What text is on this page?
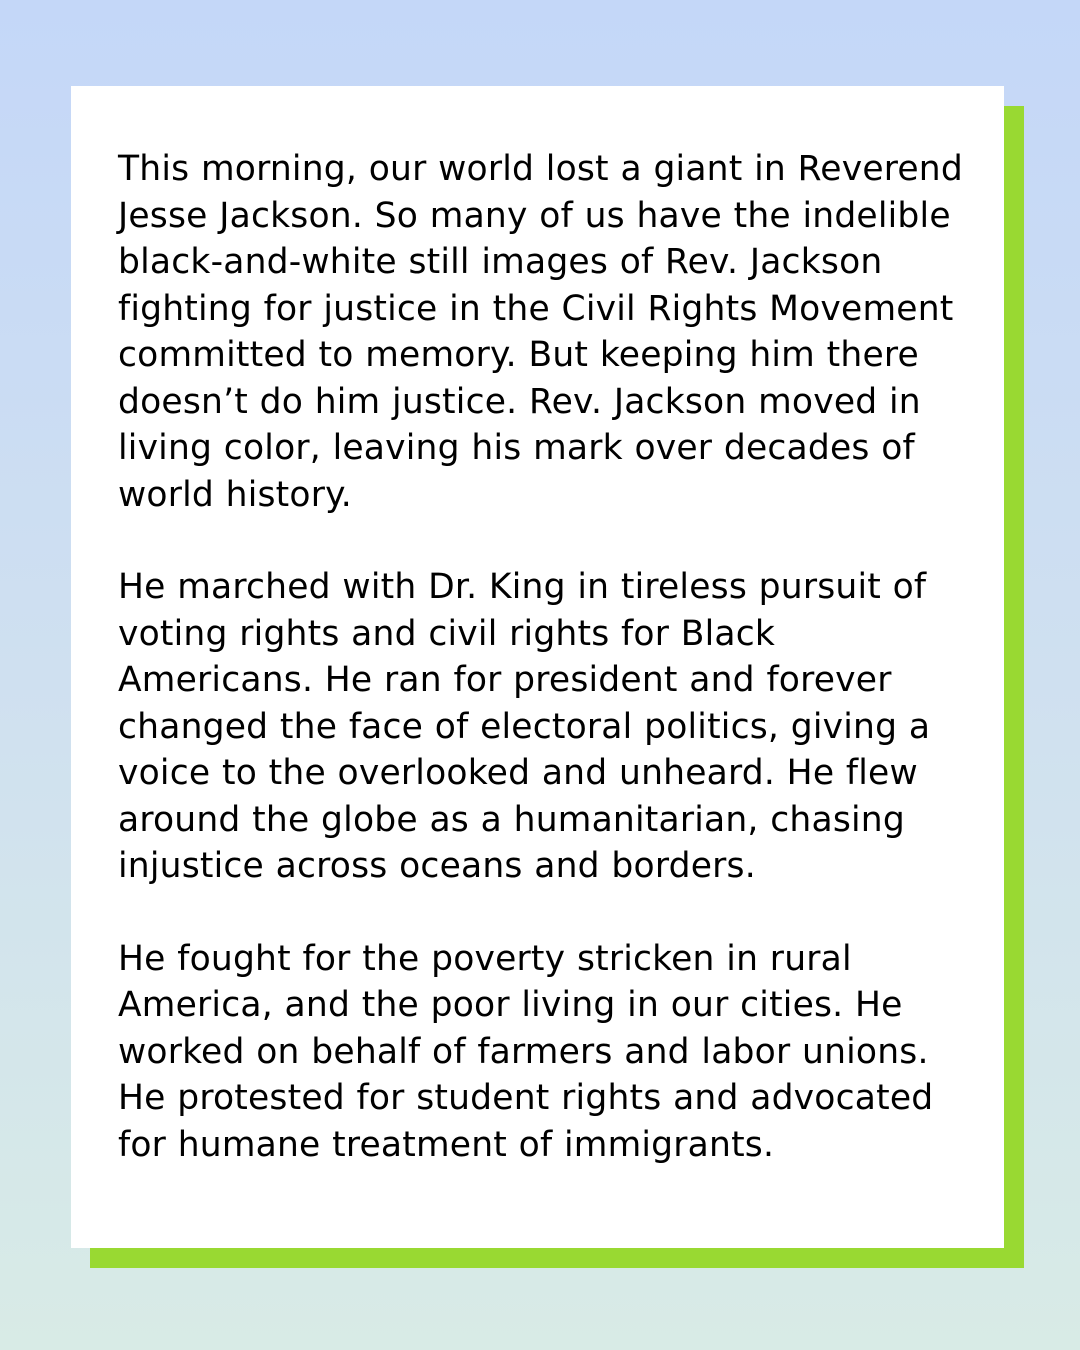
This morning, our world lost a giant in Reverend
Jesse Jackson. So many of us have the indelible
black-and-white still images of Rev. Jackson
fighting for justice in the Civil Rights Movement
committed to memory. But keeping him there
doesn’t do him justice. Rev. Jackson moved in
living color, leaving his mark over decades of
world history.

He marched with Dr. King in tireless pursuit of
voting rights and civil rights for Black
Americans. He ran for president and forever
changed the face of electoral politics, giving a
voice to the overlooked and unheard. He flew
around the globe as a humanitarian, chasing
injustice across oceans and borders.

He fought for the poverty stricken in rural
America, and the poor living in our cities. He
worked on behalf of farmers and labor unions.
He protested for student rights and advocated
for humane treatment of immigrants.
